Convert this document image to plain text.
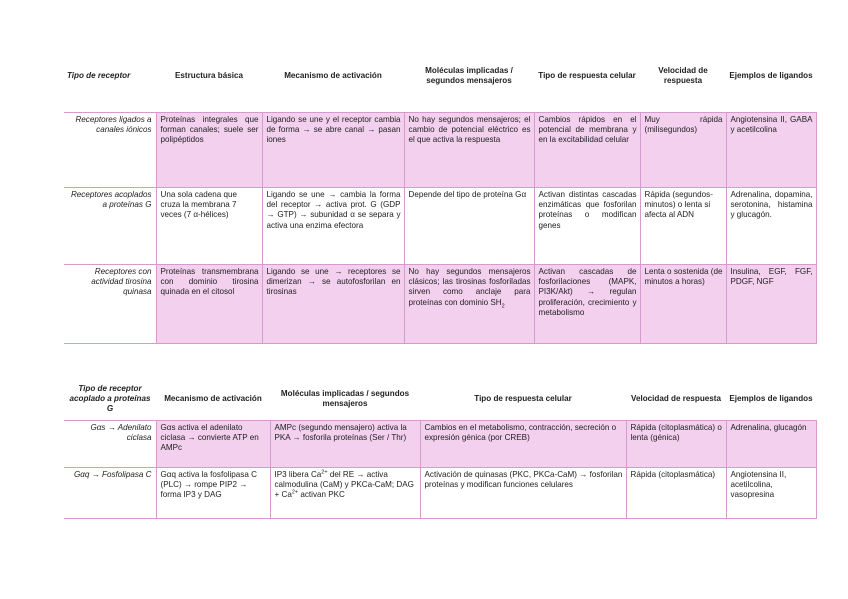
Tipo de receptor	Estructura básica	Mecanismo de activación	Moléculas implicadas / segundos mensajeros	Tipo de respuesta celular	Velocidad de respuesta	Ejemplos de ligandos

Receptores ligados a canales iónicos	Proteínas integrales que forman canales; suele ser polipéptidos	Ligando se une y el receptor cambia de forma → se abre canal → pasan iones	No hay segundos mensajeros; el cambio de potencial eléctrico es el que activa la respuesta	Cambios rápidos en el potencial de membrana y en la excitabilidad celular	Muy rápida (milisegundos)	Angiotensina II, GABA y acetilcolina
Receptores acoplados a proteínas G	Una sola cadena que cruza la membrana 7 veces (7 α-hélices)	Ligando se une → cambia la forma del receptor → activa prot. G (GDP → GTP) → subunidad α se separa y activa una enzima efectora	Depende del tipo de proteína Gα	Activan distintas cascadas enzimáticas que fosforilan proteínas o modifican genes	Rápida (segundos-minutos) o lenta si afecta al ADN	Adrenalina, dopamina, serotonina, histamina y glucagón.
Receptores con actividad tirosina quinasa	Proteínas transmembrana con dominio tirosina quinada en el citosol	Ligando se une → receptores se dimerizan → se autofosforilan en tirosinas	No hay segundos mensajeros clásicos; las tirosinas fosforiladas sirven como anclaje para proteínas con dominio $SH_2$	Activan cascadas de fosforilaciones (MAPK, PI3K/Akt) → regulan proliferación, crecimiento y metabolismo	Lenta o sostenida (de minutos a horas)	Insulina, EGF, FGF, PDGF, NGF
Tipo de receptor acoplado a proteínas G	Mecanismo de activación	Moléculas implicadas / segundos mensajeros	Tipo de respuesta celular	Velocidad de respuesta	Ejemplos de ligandos
Gαs → Adenilato ciclasa	Gαs activa el adenilato ciclasa → convierte ATP en AMPc	AMPc (segundo mensajero) activa la PKA → fosforila proteínas (Ser / Thr)	Cambios en el metabolismo, contracción, secreción o expresión génica (por CREB)	Rápida (citoplasmática) o lenta (génica)	Adrenalina, glucagón
Gαq → Fosfolipasa C	Gαq activa la fosfolipasa C (PLC) → rompe PIP2 → forma IP3 y DAG	IP3 libera $Ca^{2+}$ del RE → activa calmodulina (CaM) y PKCa-CaM; DAG + $Ca^{2+}$ activan PKC	Activación de quinasas (PKC, PKCa-CaM) → fosforilan proteínas y modifican funciones celulares	Rápida (citoplasmática)	Angiotensina II, acetilcolina, vasopresina
